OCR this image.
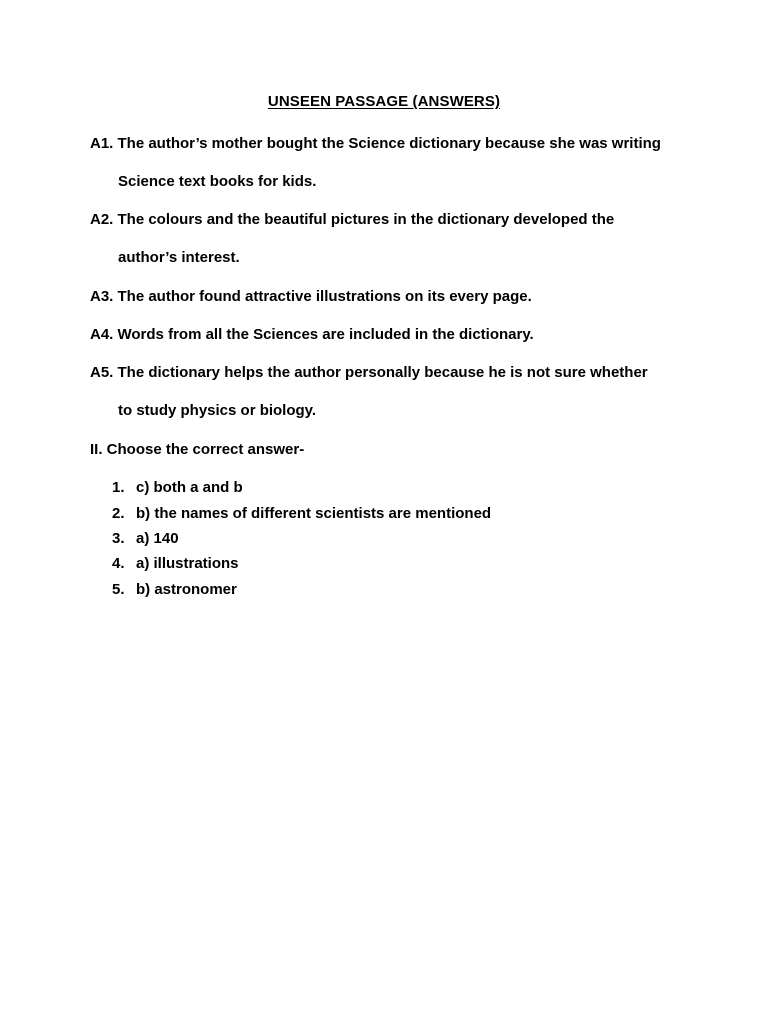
UNSEEN PASSAGE (ANSWERS)
A1. The author’s mother bought the Science dictionary because she was writing
Science text books for kids.
A2. The colours and the beautiful pictures in the dictionary developed the
author’s interest.
A3. The author found attractive illustrations on its every page.
A4. Words from all the Sciences are included in the dictionary.
A5. The dictionary helps the author personally because he is not sure whether
to study physics or biology.
II. Choose the correct answer-
1. c) both a and b
2. b) the names of different scientists are mentioned
3. a) 140
4. a) illustrations
5. b) astronomer
